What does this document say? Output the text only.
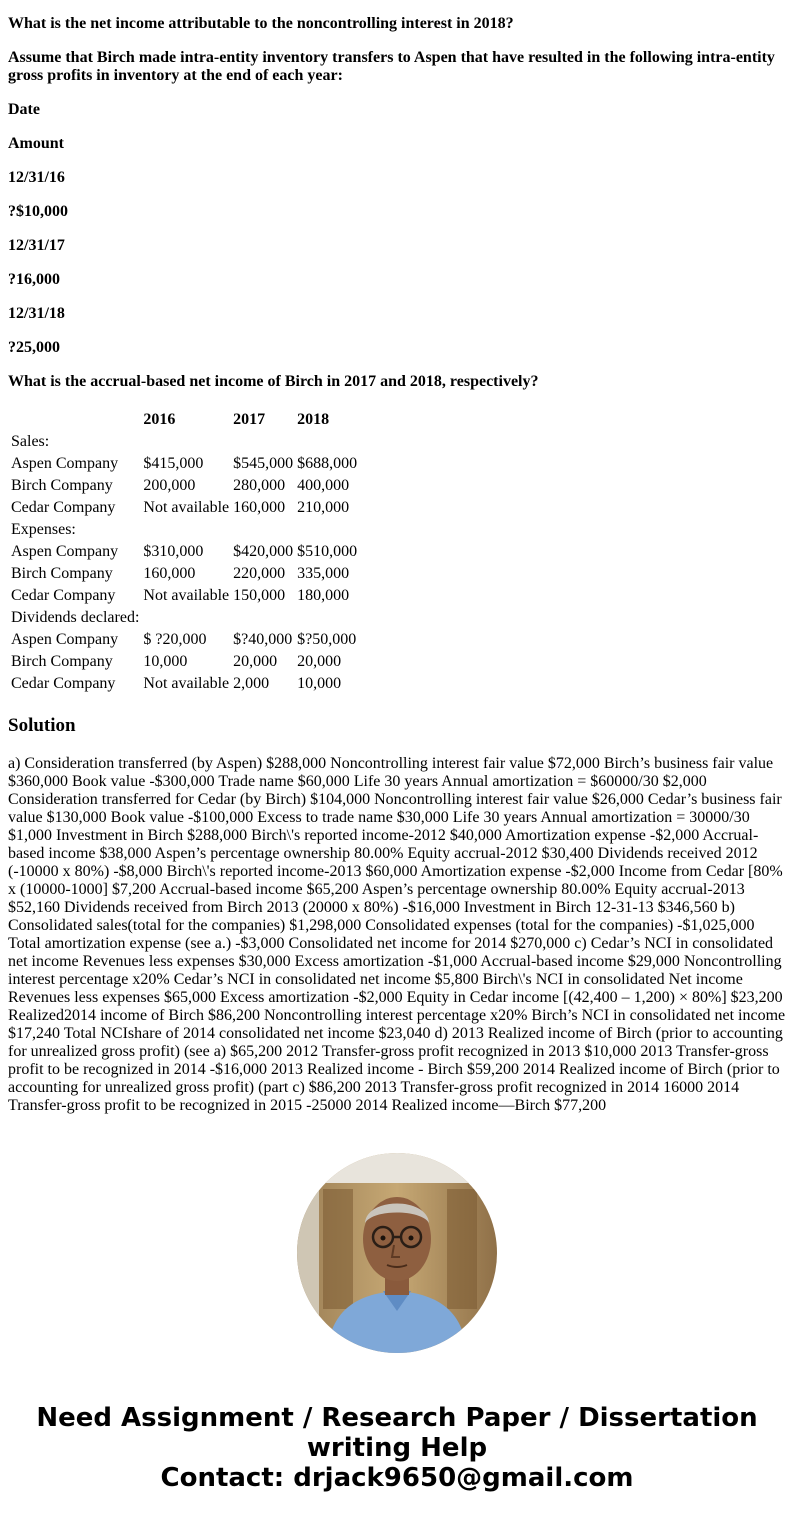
What is the net income attributable to the noncontrolling interest in 2018?

Assume that Birch made intra-entity inventory transfers to Aspen that have resulted in the following intra-entity gross profits in inventory at the end of each year:

Date

Amount

12/31/16

?$10,000

12/31/17

?16,000

12/31/18

?25,000

What is the accrual-based net income of Birch in 2017 and 2018, respectively?

	2016	2017	2018
Sales:			
Aspen Company	$415,000	$545,000	$688,000
Birch Company	200,000	280,000	400,000
Cedar Company	Not available	160,000	210,000
Expenses:			
Aspen Company	$310,000	$420,000	$510,000
Birch Company	160,000	220,000	335,000
Cedar Company	Not available	150,000	180,000
Dividends declared:			
Aspen Company	$ ?20,000	$?40,000	$?50,000
Birch Company	10,000	20,000	20,000
Cedar Company	Not available	2,000	10,000
Solution

a) Consideration transferred (by Aspen) $288,000 Noncontrolling interest fair value $72,000 Birch’s business fair value $360,000 Book value -$300,000 Trade name $60,000 Life 30 years Annual amortization = $60000/30 $2,000 Consideration transferred for Cedar (by Birch) $104,000 Noncontrolling interest fair value $26,000 Cedar’s business fair value $130,000 Book value -$100,000 Excess to trade name $30,000 Life 30 years Annual amortization = 30000/30 $1,000 Investment in Birch $288,000 Birch\'s reported income-2012 $40,000 Amortization expense -$2,000 Accrual-based income $38,000 Aspen’s percentage ownership 80.00% Equity accrual-2012 $30,400 Dividends received 2012 (-10000 x 80%) -$8,000 Birch\'s reported income-2013 $60,000 Amortization expense -$2,000 Income from Cedar [80% x (10000-1000] $7,200 Accrual-based income $65,200 Aspen’s percentage ownership 80.00% Equity accrual-2013 $52,160 Dividends received from Birch 2013 (20000 x 80%) -$16,000 Investment in Birch 12-31-13 $346,560 b) Consolidated sales(total for the companies) $1,298,000 Consolidated expenses (total for the companies) -$1,025,000 Total amortization expense (see a.) -$3,000 Consolidated net income for 2014 $270,000 c) Cedar’s NCI in consolidated net income Revenues less expenses $30,000 Excess amortization -$1,000 Accrual-based income $29,000 Noncontrolling interest percentage x20% Cedar’s NCI in consolidated net income $5,800 Birch\'s NCI in consolidated Net income Revenues less expenses $65,000 Excess amortization -$2,000 Equity in Cedar income [(42,400 – 1,200) × 80%] $23,200 Realized2014 income of Birch $86,200 Noncontrolling interest percentage x20% Birch’s NCI in consolidated net income $17,240 Total NCIshare of 2014 consolidated net income $23,040 d) 2013 Realized income of Birch (prior to accounting for unrealized gross profit) (see a) $65,200 2012 Transfer-gross profit recognized in 2013 $10,000 2013 Transfer-gross profit to be recognized in 2014 -$16,000 2013 Realized income - Birch $59,200 2014 Realized income of Birch (prior to accounting for unrealized gross profit) (part c) $86,200 2013 Transfer-gross profit recognized in 2014 16000 2014 Transfer-gross profit to be recognized in 2015 -25000 2014 Realized income—Birch $77,200

Need Assignment / Research Paper / Dissertation
writing Help
Contact: drjack9650@gmail.com
